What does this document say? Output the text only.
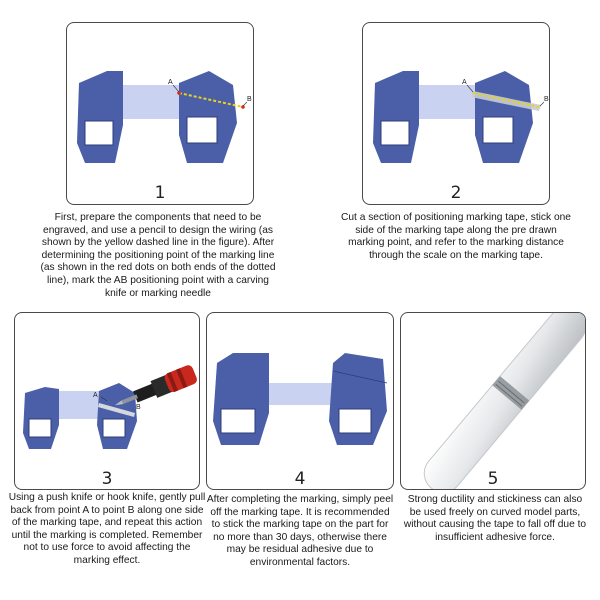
A
B
1
First, prepare the components that need to be engraved, and use a pencil to design the wiring (as shown by the yellow dashed line in the figure). After determining the positioning point of the marking line (as shown in the red dots on both ends of the dotted line), mark the AB positioning point with a carving knife or marking needle
A
B
2
Cut a section of positioning marking tape, stick one side of the marking tape along the pre drawn marking point, and refer to the marking distance through the scale on the marking tape.
A
B
3
Using a push knife or hook knife, gently pull back from point A to point B along one side of the marking tape, and repeat this action until the marking is completed. Remember not to use force to avoid affecting the marking effect.
4
After completing the marking, simply peel off the marking tape. It is recommended to stick the marking tape on the part for no more than 30 days, otherwise there may be residual adhesive due to environmental factors.
5
Strong ductility and stickiness can also be used freely on curved model parts, without causing the tape to fall off due to insufficient adhesive force.
